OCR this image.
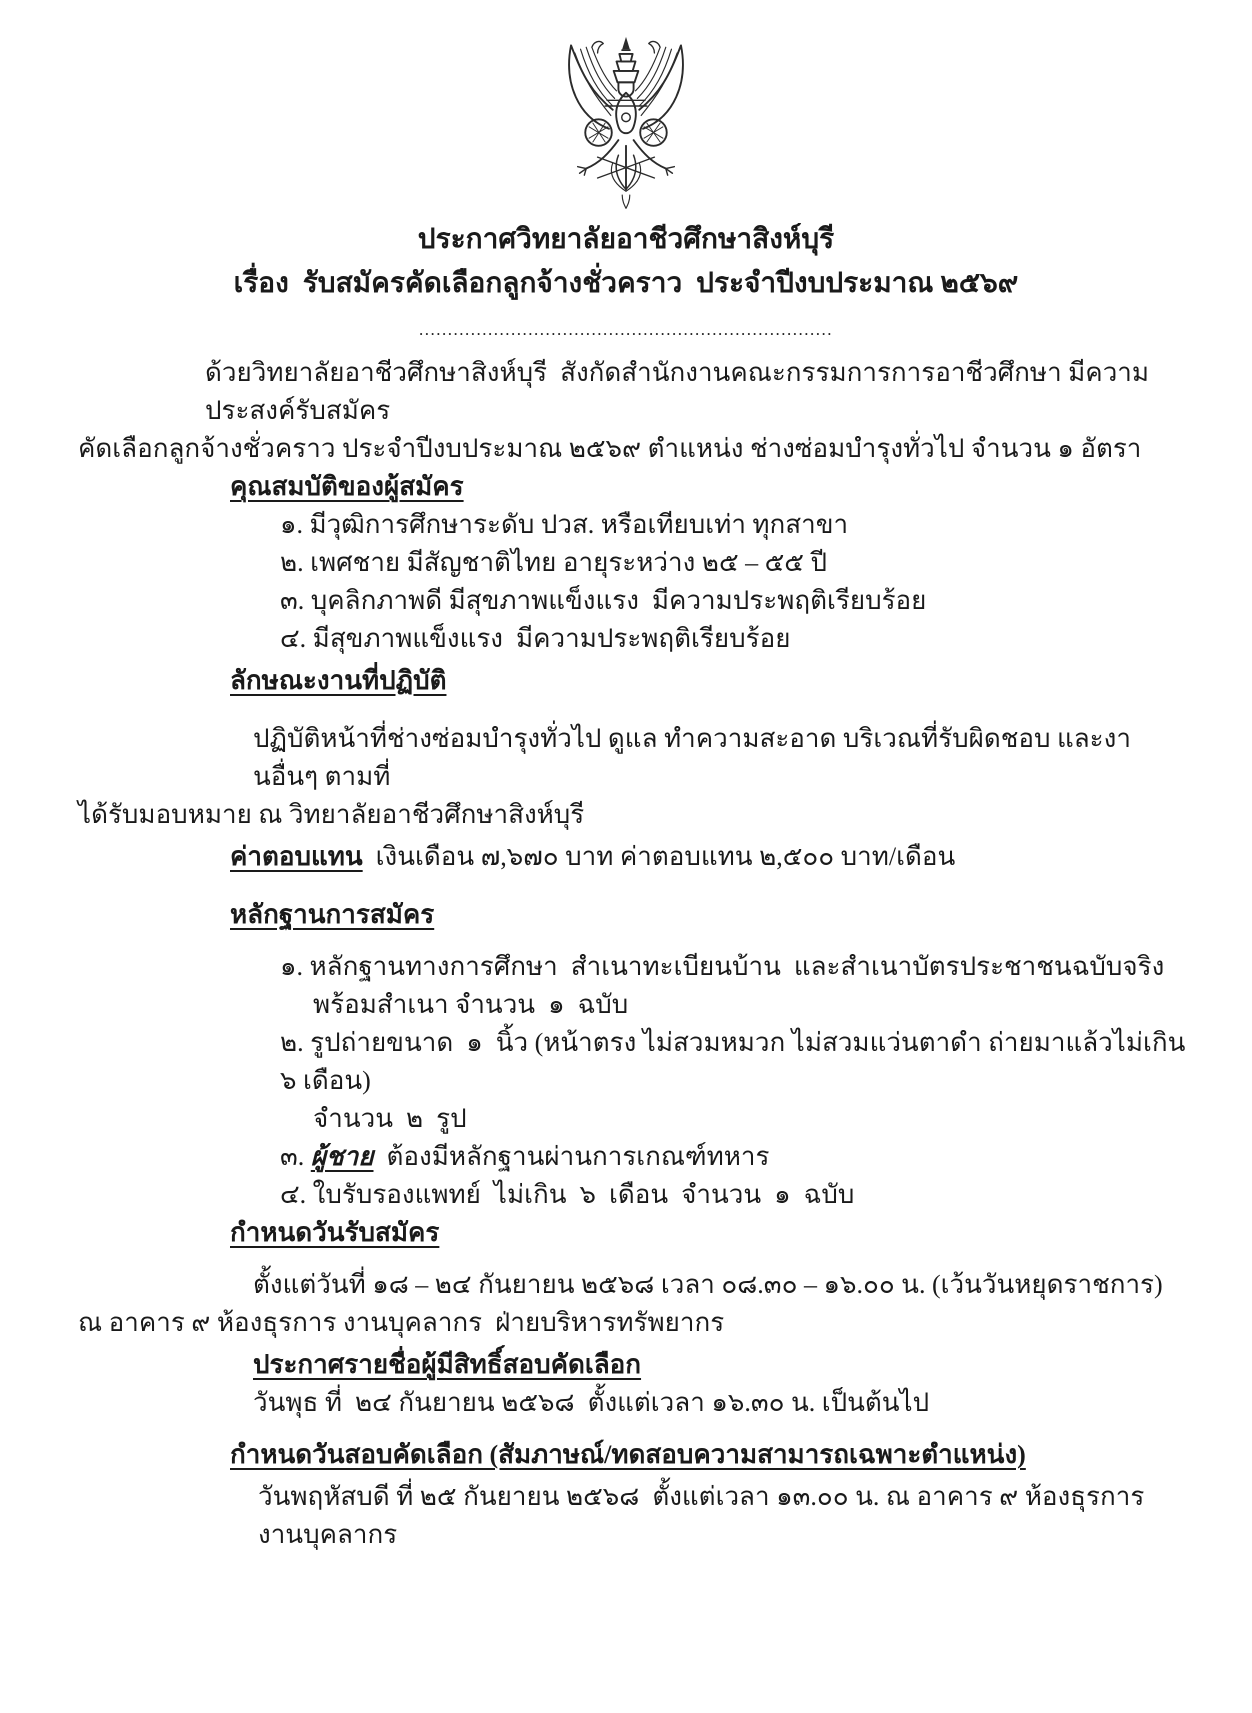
ประกาศวิทยาลัยอาชีวศึกษาสิงห์บุรี
เรื่อง  รับสมัครคัดเลือกลูกจ้างชั่วคราว  ประจำปีงบประมาณ ๒๕๖๙
........................................................................
ด้วยวิทยาลัยอาชีวศึกษาสิงห์บุรี  สังกัดสำนักงานคณะกรรมการการอาชีวศึกษา มีความประสงค์รับสมัคร
คัดเลือกลูกจ้างชั่วคราว ประจำปีงบประมาณ ๒๕๖๙ ตำแหน่ง ช่างซ่อมบำรุงทั่วไป จำนวน ๑ อัตรา
คุณสมบัติของผู้สมัคร
๑. มีวุฒิการศึกษาระดับ ปวส. หรือเทียบเท่า ทุกสาขา
๒. เพศชาย มีสัญชาติไทย อายุระหว่าง ๒๕ – ๕๕ ปี
๓. บุคลิกภาพดี มีสุขภาพแข็งแรง  มีความประพฤติเรียบร้อย
๔. มีสุขภาพแข็งแรง  มีความประพฤติเรียบร้อย
ลักษณะงานที่ปฏิบัติ
ปฏิบัติหน้าที่ช่างซ่อมบำรุงทั่วไป ดูแล ทำความสะอาด บริเวณที่รับผิดชอบ และงานอื่นๆ ตามที่
ได้รับมอบหมาย ณ วิทยาลัยอาชีวศึกษาสิงห์บุรี
ค่าตอบแทน  เงินเดือน ๗,๖๗๐ บาท ค่าตอบแทน ๒,๕๐๐ บาท/เดือน
หลักฐานการสมัคร
๑. หลักฐานทางการศึกษา  สำเนาทะเบียนบ้าน  และสำเนาบัตรประชาชนฉบับจริง
พร้อมสำเนา จำนวน  ๑  ฉบับ
๒. รูปถ่ายขนาด  ๑  นิ้ว (หน้าตรง ไม่สวมหมวก ไม่สวมแว่นตาดำ ถ่ายมาแล้วไม่เกิน ๖ เดือน)
จำนวน  ๒  รูป
๓. ผู้ชาย  ต้องมีหลักฐานผ่านการเกณฑ์ทหาร
๔. ใบรับรองแพทย์  ไม่เกิน  ๖  เดือน  จำนวน  ๑  ฉบับ
กำหนดวันรับสมัคร
ตั้งแต่วันที่ ๑๘ – ๒๔ กันยายน ๒๕๖๘ เวลา ๐๘.๓๐ – ๑๖.๐๐ น. (เว้นวันหยุดราชการ)
ณ อาคาร ๙ ห้องธุรการ งานบุคลากร  ฝ่ายบริหารทรัพยากร
ประกาศรายชื่อผู้มีสิทธิ์สอบคัดเลือก
วันพุธ ที่  ๒๔ กันยายน ๒๕๖๘  ตั้งแต่เวลา ๑๖.๓๐ น. เป็นต้นไป
กำหนดวันสอบคัดเลือก (สัมภาษณ์/ทดสอบความสามารถเฉพาะตำแหน่ง)
วันพฤหัสบดี ที่ ๒๕ กันยายน ๒๕๖๘  ตั้งแต่เวลา ๑๓.๐๐ น. ณ อาคาร ๙ ห้องธุรการ งานบุคลากร
